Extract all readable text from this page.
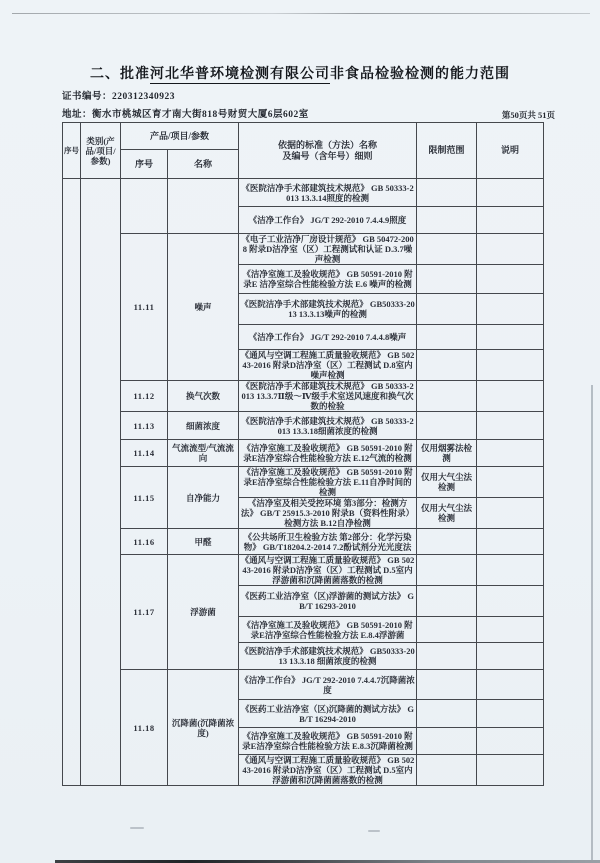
二、批准河北华普环境检测有限公司非食品检验检测的能力范围
证书编号：220312340923
地址：衡水市桃城区育才南大街818号财贸大厦6层602室	第50页共 51页
序号	类别(产品/项目/参数)	产品/项目/参数		依据的标准（方法）名称
及编号（含年号）细则	限制范围	说明
		序号	名称			
				《医院洁净手术部建筑技术规范》 GB 50333-2013 13.3.14照度的检测		
				《洁净工作台》 JG/T 292-2010 7.4.4.9照度		
		11.11	噪声	《电子工业洁净厂房设计规范》 GB 50472-2008 附录D洁净室（区）工程测试和认证 D.3.7噪声检测		
				《洁净室施工及验收规范》 GB 50591-2010 附录E 洁净室综合性能检验方法 E.6 噪声的检测		
				《医院洁净手术部建筑技术规范》 GB50333-2013 13.3.13噪声的检测		
				《洁净工作台》 JG/T 292-2010 7.4.4.8噪声		
				《通风与空调工程施工质量验收规范》 GB 50243-2016 附录D洁净室（区）工程测试 D.8室内噪声检测		
		11.12	换气次数	《医院洁净手术部建筑技术规范》 GB 50333-2013 13.3.7Ⅱ级～Ⅳ级手术室送风速度和换气次数的检验		
		11.13	细菌浓度	《医院洁净手术部建筑技术规范》 GB 50333-2013 13.3.18细菌浓度的检测		
		11.14	气流流型/气流流向	《洁净室施工及验收规范》 GB 50591-2010 附录E洁净室综合性能检验方法 E.12气流的检测	仅用烟雾法检测	
		11.15	自净能力	《洁净室施工及验收规范》 GB 50591-2010 附录E洁净室综合性能检验方法 E.11自净时间的检测	仅用大气尘法检测	
				《洁净室及相关受控环境 第3部分：检测方法》 GB/T 25915.3-2010 附录B（资料性附录）检测方法 B.12自净检测	仅用大气尘法检测	
		11.16	甲醛	《公共场所卫生检验方法 第2部分：化学污染物》 GB/T18204.2-2014 7.2酚试剂分光光度法		
		11.17	浮游菌	《通风与空调工程施工质量验收规范》 GB 50243-2016 附录D洁净室（区）工程测试 D.5室内浮游菌和沉降菌菌落数的检测		
				《医药工业洁净室（区)浮游菌的测试方法》 GB/T 16293-2010		
				《洁净室施工及验收规范》 GB 50591-2010 附录E洁净室综合性能检验方法 E.8.4浮游菌		
				《医院洁净手术部建筑技术规范》 GB50333-2013 13.3.18 细菌浓度的检测		
		11.18	沉降菌(沉降菌浓度)	《洁净工作台》 JG/T 292-2010 7.4.4.7沉降菌浓度		
				《医药工业洁净室（区)沉降菌的测试方法》 GB/T 16294-2010		
				《洁净室施工及验收规范》 GB 50591-2010 附录E洁净室综合性能检验方法 E.8.3沉降菌检测		
				《通风与空调工程施工质量验收规范》 GB 50243-2016 附录D洁净室（区）工程测试 D.5室内浮游菌和沉降菌菌落数的检测		
